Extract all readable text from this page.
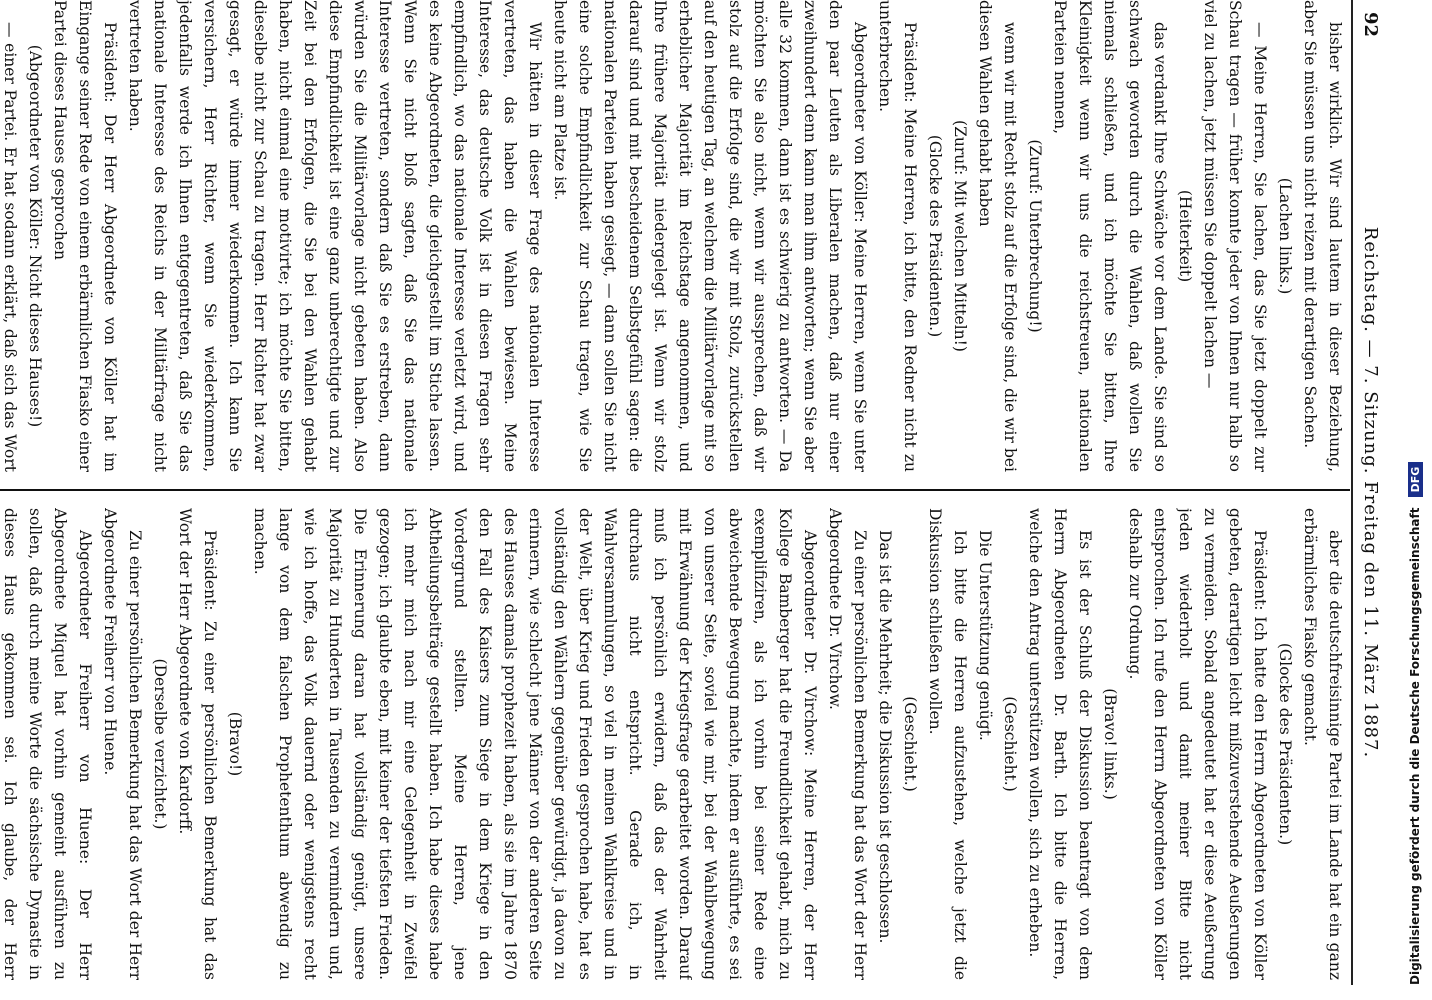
92
Reichstag. — 7. Sitzung. Freitag den 11. März 1887.

bisher wirklich. Wir sind lautem in dieser Beziehung, aber Sie müssen uns nicht reizen mit derartigen Sachen.

(Lachen links.)

— Meine Herren, Sie lachen, das Sie jetzt doppelt zur Schau tragen — früher konnte jeder von Ihnen nur halb so viel zu lachen, jetzt müssen Sie doppelt lachen —

(Heiterkeit)

das verdankt Ihre Schwäche vor dem Lande. Sie sind so schwach geworden durch die Wahlen, daß wollen Sie niemals schließen, und ich möchte Sie bitten, Ihre Kleinigkeit wenn wir uns die reichstreuen, nationalen Parteien nennen,

(Zuruf: Unterbrechung!)

wenn wir mit Recht stolz auf die Erfolge sind, die wir bei diesen Wahlen gehabt haben

(Zuruf: Mit welchen Mitteln!)

(Glocke des Präsidenten.)

Präsident: Meine Herren, ich bitte, den Redner nicht zu unterbrechen.

Abgeordneter von Köller: Meine Herren, wenn Sie unter den paar Leuten als Liberalen machen, daß nur einer zweihundert denn kann man ihm antworten; wenn Sie aber alle 32 kommen, dann ist es schwierig zu antworten. — Da möchten Sie also nicht, wenn wir aussprechen, daß wir stolz auf die Erfolge sind, die wir mit Stolz, zurückstellen auf den heutigen Tag, an welchem die Militärvorlage mit so erheblicher Majorität im Reichstage angenommen, und Ihre frühere Majorität niedergelegt ist. Wenn wir stolz darauf sind und mit bescheidenem Selbstgefühl sagen: die nationalen Parteien haben gesiegt, — dann sollen Sie nicht eine solche Empfindlichkeit zur Schau tragen, wie Sie heute nicht am Platze ist.

Wir hätten in dieser Frage des nationalen Interesse vertreten, das haben die Wahlen bewiesen. Meine Interesse, das deutsche Volk ist in diesen Fragen sehr empfindlich, wo das nationale Interesse verletzt wird, und es keine Abgeordneten, die gleichgestellt im Stiche lassen. Wenn Sie nicht bloß sagten, daß Sie das nationale Interesse vertreten, sondern daß Sie es erstreben, dann würden Sie die Militärvorlage nicht gebeten haben. Also diese Empfindlichkeit ist eine ganz unberechtigte und zur Zeit bei den Erfolgen, die Sie bei den Wahlen gehabt haben, nicht einmal eine motivirte; ich möchte Sie bitten, dieselbe nicht zur Schau zu tragen. Herr Richter hat zwar gesagt, er würde immer wiederkommen. Ich kann Sie versichern, Herr Richter, wenn Sie wiederkommen, jedenfalls werde ich Ihnen entgegentreten, daß Sie das nationale Interesse des Reichs in der Militärfrage nicht vertreten haben.

Präsident: Der Herr Abgeordnete von Köller hat im Eingange seiner Rede von einem erbärmlichen Fiasko einer Partei dieses Hauses gesprochen

(Abgeordneter von Köller: Nicht dieses Hauses!)

— einer Partei. Er hat sodann erklärt, daß sich das Wort

aber die deutschfreisinnige Partei im Lande hat ein ganz erbärmliches Fiasko gemacht.

(Glocke des Präsidenten.)

Präsident: Ich hatte den Herrn Abgeordneten von Köller gebeten, derartigen leicht mißzuverstehende Aeußerungen zu vermeiden. Sobald angedeutet hat er diese Aeußerung jeden wiederholt und damit meiner Bitte nicht entsprochen. Ich rufe den Herrn Abgeordneten von Köller deshalb zur Ordnung.

(Bravo! links.)

Es ist der Schluß der Diskussion beantragt von dem Herrn Abgeordneten Dr. Barth. Ich bitte die Herren, welche den Antrag unterstützen wollen, sich zu erheben.

(Geschieht.)

Die Unterstützung genügt.

Ich bitte die Herren aufzustehen, welche jetzt die Diskussion schließen wollen.

(Geschieht.)

Das ist die Mehrheit; die Diskussion ist geschlossen.

Zu einer persönlichen Bemerkung hat das Wort der Herr Abgeordnete Dr. Virchow.

Abgeordneter Dr. Virchow: Meine Herren, der Herr Kollege Bamberger hat die Freundlichkeit gehabt, mich zu exemplifiziren, als ich vorhin bei seiner Rede eine abweichende Bewegung machte, indem er ausführte, es sei von unserer Seite, soviel wie mir, bei der Wahlbewegung mit Erwähnung der Kriegsfrage gearbeitet worden. Darauf muß ich persönlich erwidern, daß das der Wahrheit durchaus nicht entspricht. Gerade ich, in Wahlversammlungen, so viel in meinen Wahlkreise und in der Welt, über Krieg und Frieden gesprochen habe, hat es vollständig den Wählern gegenüber gewürdigt, ja davon zu erinnern, wie schlecht jene Männer von der anderen Seite des Hauses damals prophezeit haben, als sie im Jahre 1870 den Fall des Kaisers zum Siege in dem Kriege in den Vordergrund stellten. Meine Herren, jene Abtheilungsbeiträge gestellt haben. Ich habe dieses habe ich mehr mich nach mir eine Gelegenheit in Zweifel gezogen; ich glaubte eben, mit keiner der tiefsten Frieden. Die Erinnerung daran hat vollständig genügt, unsere Majorität zu Hunderten in Tausenden zu vermindern und, wie ich hoffe, das Volk dauernd oder wenigstens recht lange von dem falschen Prophetenthum abwendig zu machen.

(Bravo!)

Präsident: Zu einer persönlichen Bemerkung hat das Wort der Herr Abgeordnete von Kardorff.

(Derselbe verzichtet.)

Zu einer persönlichen Bemerkung hat das Wort der Herr Abgeordnete Freiherr von Huene.

Abgeordneter Freiherr von Huene: Der Herr Abgeordnete Miquel hat vorhin gemeint ausführen zu sollen, daß durch meine Worte die sächsische Dynastie in dieses Haus gekommen sei. Ich glaube, der Herr	Digitalisierung gefördert durch die Deutsche Forschungsgemeinschaft DFG
